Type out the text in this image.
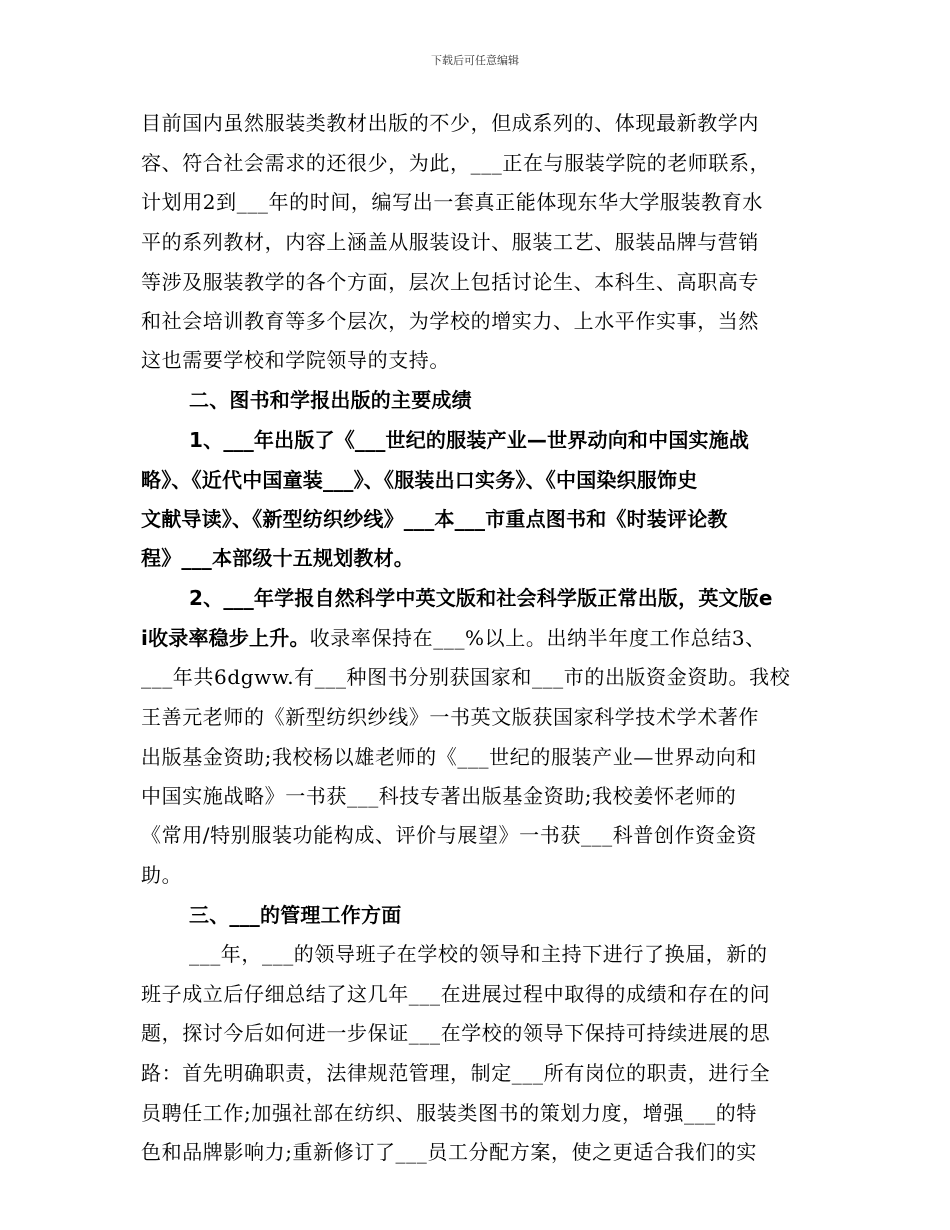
下载后可任意编辑
目前国内虽然服装类教材出版的不少，但成系列的、体现最新教学内
容、符合社会需求的还很少，为此，___正在与服装学院的老师联系，
计划用2到___年的时间，编写出一套真正能体现东华大学服装教育水
平的系列教材，内容上涵盖从服装设计、服装工艺、服装品牌与营销
等涉及服装教学的各个方面，层次上包括讨论生、本科生、高职高专
和社会培训教育等多个层次，为学校的增实力、上水平作实事，当然
这也需要学校和学院领导的支持。
二、图书和学报出版的主要成绩
1、___年出版了《___世纪的服装产业—世界动向和中国实施战
略》、《近代中国童装___》、《服装出口实务》、《中国染织服饰史
文献导读》、《新型纺织纱线》___本___市重点图书和《时装评论教
程》___本部级十五规划教材。
2、___年学报自然科学中英文版和社会科学版正常出版，英文版e
i收录率稳步上升。收录率保持在___%以上。出纳半年度工作总结3、
___年共6dgww.有___种图书分别获国家和___市的出版资金资助。我校
王善元老师的《新型纺织纱线》一书英文版获国家科学技术学术著作
出版基金资助;我校杨以雄老师的《___世纪的服装产业—世界动向和
中国实施战略》一书获___科技专著出版基金资助;我校姜怀老师的
《常用/特别服装功能构成、评价与展望》一书获___科普创作资金资
助。
三、___的管理工作方面
___年，___的领导班子在学校的领导和主持下进行了换届，新的
班子成立后仔细总结了这几年___在进展过程中取得的成绩和存在的问
题，探讨今后如何进一步保证___在学校的领导下保持可持续进展的思
路：首先明确职责，法律规范管理，制定___所有岗位的职责，进行全
员聘任工作;加强社部在纺织、服装类图书的策划力度，增强___的特
色和品牌影响力;重新修订了___员工分配方案，使之更适合我们的实
